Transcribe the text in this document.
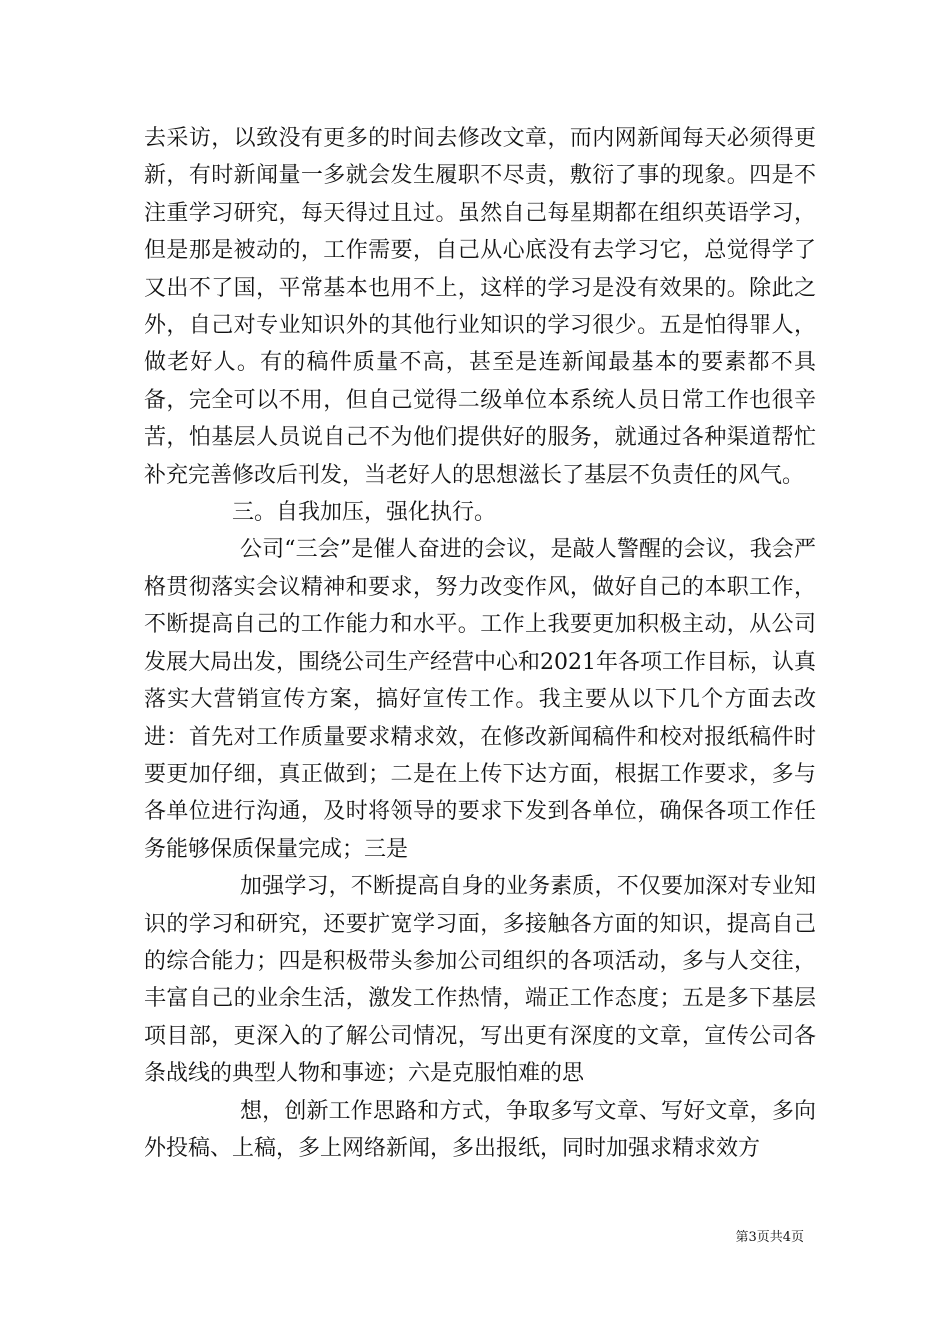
去采访，以致没有更多的时间去修改文章，而内网新闻每天必须得更新，有时新闻量一多就会发生履职不尽责，敷衍了事的现象。四是不注重学习研究，每天得过且过。虽然自己每星期都在组织英语学习，但是那是被动的，工作需要，自己从心底没有去学习它，总觉得学了又出不了国，平常基本也用不上，这样的学习是没有效果的。除此之外，自己对专业知识外的其他行业知识的学习很少。五是怕得罪人，做老好人。有的稿件质量不高，甚至是连新闻最基本的要素都不具备，完全可以不用，但自己觉得二级单位本系统人员日常工作也很辛苦，怕基层人员说自己不为他们提供好的服务，就通过各种渠道帮忙补充完善修改后刊发，当老好人的思想滋长了基层不负责任的风气。

三。自我加压，强化执行。

公司“三会”是催人奋进的会议，是敲人警醒的会议，我会严格贯彻落实会议精神和要求，努力改变作风，做好自己的本职工作，不断提高自己的工作能力和水平。工作上我要更加积极主动，从公司发展大局出发，围绕公司生产经营中心和2021年各项工作目标，认真落实大营销宣传方案，搞好宣传工作。我主要从以下几个方面去改进：首先对工作质量要求精求效，在修改新闻稿件和校对报纸稿件时要更加仔细，真正做到；二是在上传下达方面，根据工作要求，多与各单位进行沟通，及时将领导的要求下发到各单位，确保各项工作任务能够保质保量完成；三是

加强学习，不断提高自身的业务素质，不仅要加深对专业知识的学习和研究，还要扩宽学习面，多接触各方面的知识，提高自己的综合能力；四是积极带头参加公司组织的各项活动，多与人交往，丰富自己的业余生活，激发工作热情，端正工作态度；五是多下基层项目部，更深入的了解公司情况，写出更有深度的文章，宣传公司各条战线的典型人物和事迹；六是克服怕难的思

想，创新工作思路和方式，争取多写文章、写好文章，多向外投稿、上稿，多上网络新闻，多出报纸，同时加强求精求效方

第3页共4页
